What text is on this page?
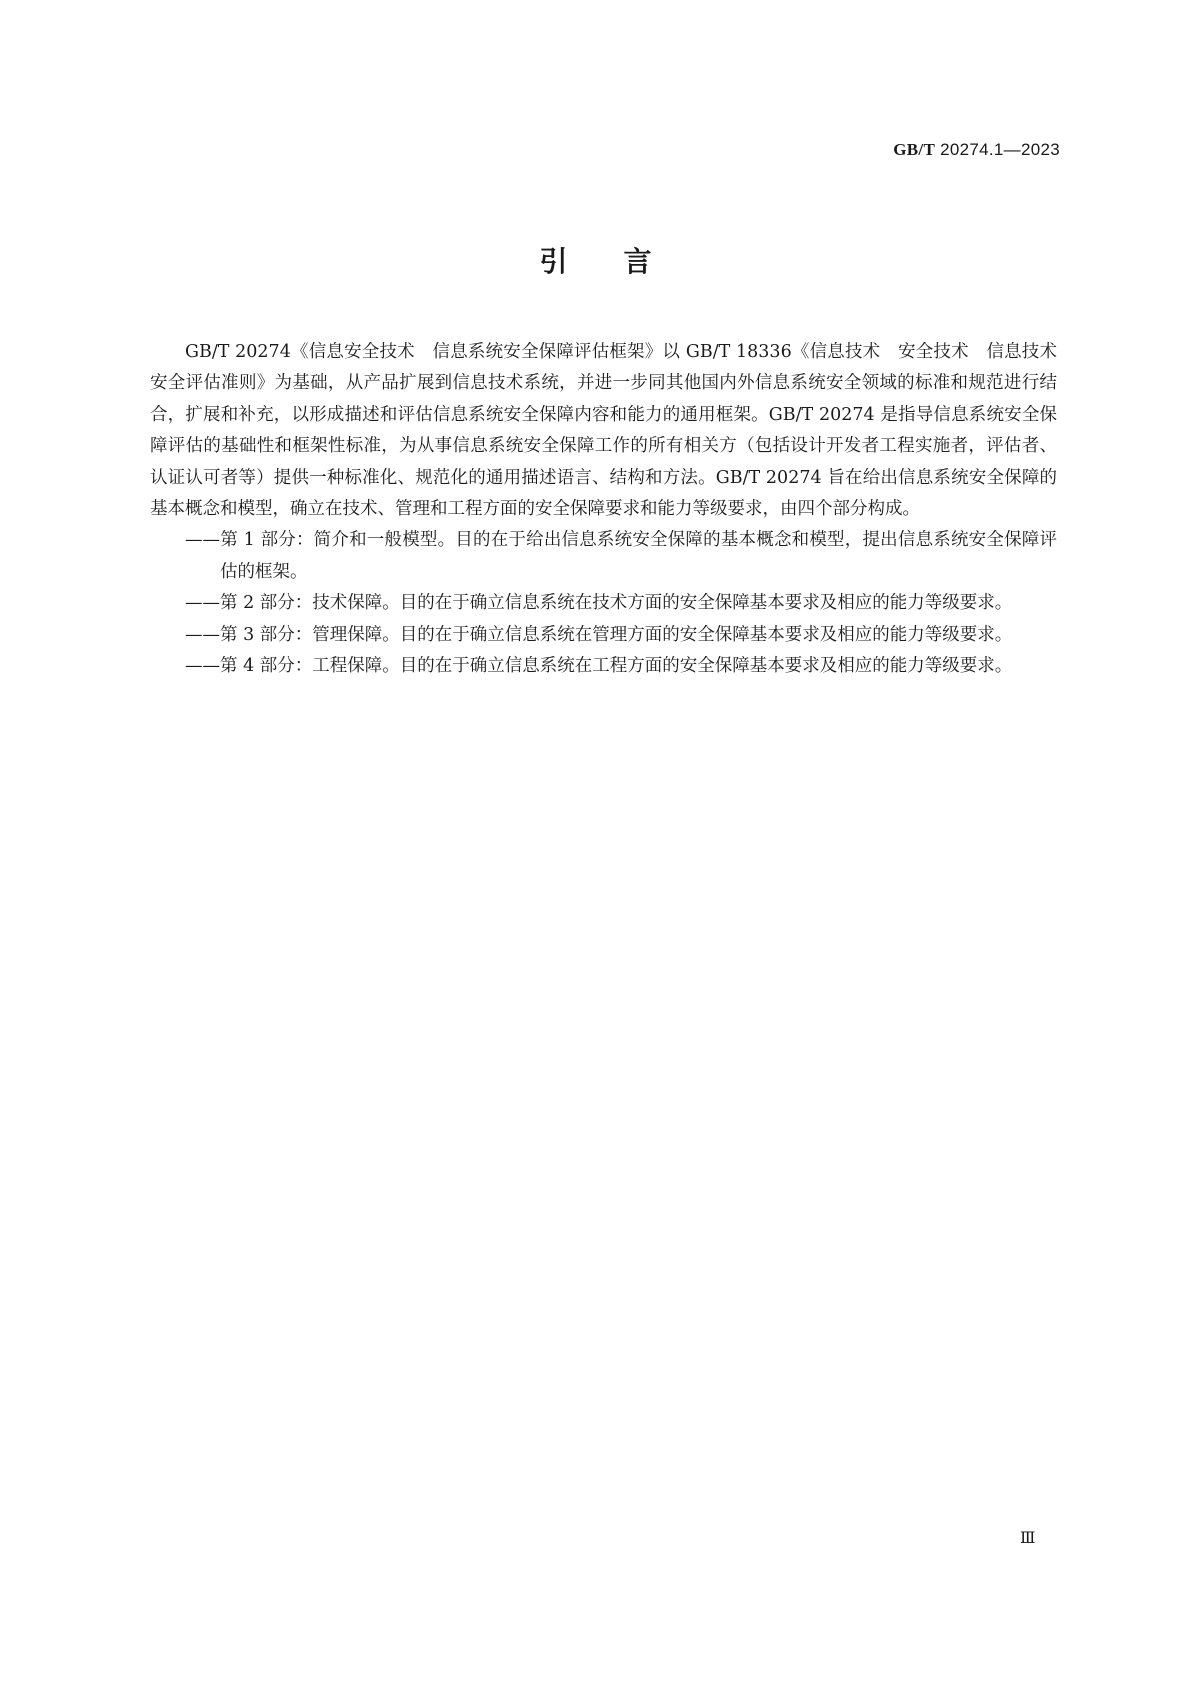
GB/T 20274.1—2023
引言

GB/T 20274《信息安全技术　信息系统安全保障评估框架》以 GB/T 18336《信息技术　安全技术　信息技术安全评估准则》为基础，从产品扩展到信息技术系统，并进一步同其他国内外信息系统安全领域的标准和规范进行结合，扩展和补充，以形成描述和评估信息系统安全保障内容和能力的通用框架。GB/T 20274 是指导信息系统安全保障评估的基础性和框架性标准，为从事信息系统安全保障工作的所有相关方（包括设计开发者工程实施者，评估者、认证认可者等）提供一种标准化、规范化的通用描述语言、结构和方法。GB/T 20274 旨在给出信息系统安全保障的基本概念和模型，确立在技术、管理和工程方面的安全保障要求和能力等级要求，由四个部分构成。

——第 1 部分：简介和一般模型。目的在于给出信息系统安全保障的基本概念和模型，提出信息系统安全保障评估的框架。
——第 2 部分：技术保障。目的在于确立信息系统在技术方面的安全保障基本要求及相应的能力等级要求。
——第 3 部分：管理保障。目的在于确立信息系统在管理方面的安全保障基本要求及相应的能力等级要求。
——第 4 部分：工程保障。目的在于确立信息系统在工程方面的安全保障基本要求及相应的能力等级要求。
Ⅲ
